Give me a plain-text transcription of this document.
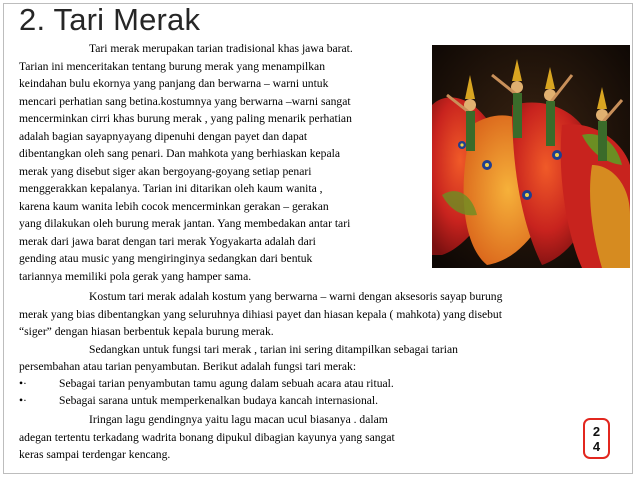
2. Tari Merak
Tari merak merupakan tarian tradisional khas jawa barat.
Tarian ini menceritakan tentang burung merak yang menampilkan
keindahan bulu ekornya yang panjang dan berwarna – warni untuk
mencari perhatian sang betina.kostumnya yang berwarna –warni sangat
mencerminkan cirri khas burung merak , yang paling menarik perhatian
adalah bagian sayapnyayang dipenuhi dengan payet dan dapat
dibentangkan oleh sang penari. Dan mahkota yang berhiaskan kepala
merak yang disebut siger akan bergoyang-goyang setiap penari
menggerakkan kepalanya. Tarian ini ditarikan oleh kaum wanita ,
karena kaum wanita lebih cocok mencerminkan gerakan – gerakan
yang dilakukan oleh burung merak jantan. Yang membedakan antar tari
merak dari jawa barat dengan tari merak Yogyakarta adalah dari
gending atau music yang mengiringinya sedangkan dari bentuk
tariannya memiliki pola gerak yang hamper sama.
Kostum tari merak adalah kostum yang berwarna – warni dengan aksesoris sayap burung
merak yang bias dibentangkan yang seluruhnya dihiasi payet dan hiasan kepala ( mahkota) yang disebut
“siger” dengan hiasan berbentuk kepala burung merak.
Sedangkan untuk fungsi tari merak , tarian ini sering ditampilkan sebagai tarian
persembahan atau tarian penyambutan. Berikut adalah fungsi tari merak:
•·	Sebagai tarian penyambutan tamu agung dalam sebuah acara atau ritual.
•·	Sebagai sarana untuk memperkenalkan budaya kancah internasional.
Iringan lagu gendingnya yaitu lagu macan ucul biasanya . dalam
adegan tertentu terkadang wadrita bonang dipukul dibagian kayunya yang sangat
keras sampai terdengar kencang.
2
4
